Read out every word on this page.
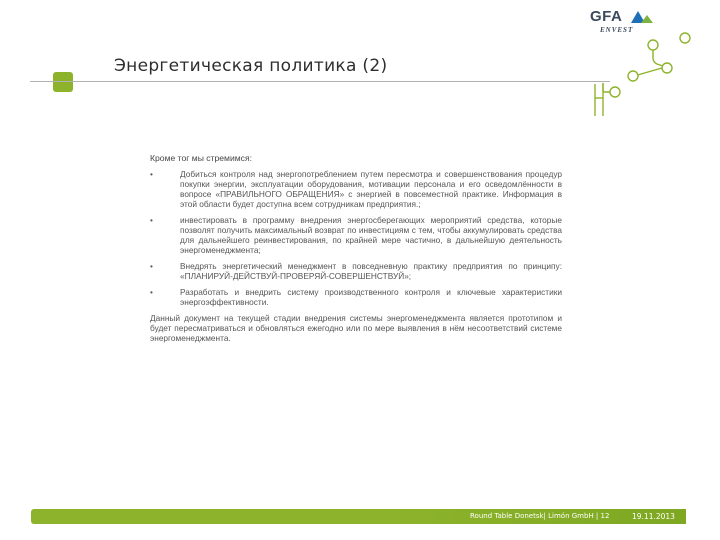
GFA
ENVEST
Энергетическая политика (2)

Кроме тог мы стремимся:

•	Добиться контроля над энергопотреблением путем пересмотра и совершенствования процедур покупки энергии, эксплуатации оборудования, мотивации персонала и его осведомлённости в вопросе «ПРАВИЛЬНОГО ОБРАЩЕНИЯ» с энергией в повсеместной практике. Информация в этой области будет доступна всем сотрудникам предприятия.;
•	инвестировать в программу внедрения энергосберегающих мероприятий средства, которые позволят получить максимальный возврат по инвестициям с тем, чтобы аккумулировать средства для дальнейшего реинвестирования, по крайней мере частично, в дальнейшую деятельность энергоменеджмента;
•	Внедрять энергетический менеджмент в повседневную практику предприятия по принципу: «ПЛАНИРУЙ-ДЕЙСТВУЙ-ПРОВЕРЯЙ-СОВЕРШЕНСТВУЙ»;
•	Разработать и внедрить систему производственного контроля и ключевые характеристики энергоэффективности.

Данный документ на текущей стадии внедрения системы энергоменеджмента является прототипом и будет пересматриваться и обновляться ежегодно или по мере выявления в нём несоответствий системе энергоменеджмента.

Round Table Donetsk| Limón GmbH | 12	19.11.2013
